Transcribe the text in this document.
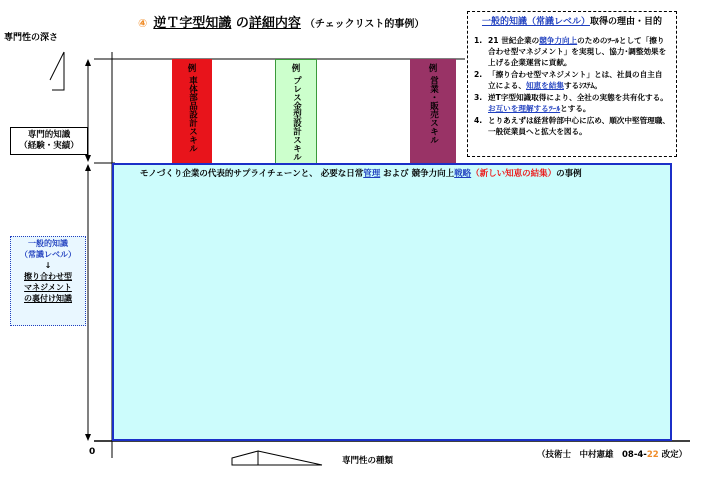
④ 逆Ｔ字型知識 の詳細内容 （チェックリスト的事例）
専門性の深さ
例
車体部品設計スキル
例
プレス金型設計スキル
例
営業・販売スキル
専門的知識
（経験・実績）
一般的知識
（常識レベル）
↓
擦り合わせ型
マネジメント
の裏付け知識
モノづくり企業の代表的サプライチェーンと、 必要な日常管理 および 競争力向上戦略（新しい知恵の結集）の事例
一般的知識（常識レベル）取得の理由・目的
1. 21 世紀企業の競争力向上のためのﾂｰﾙとして「擦り合わせ型マネジメント」を実現し、協力･調整効果を上げる企業運営に貢献。
2. 「擦り合わせ型マネジメント」とは、社員の自主自立による、知恵を結集するｼｽﾃﾑ。
3. 逆T字型知識取得により、全社の実態を共有化する。お互いを理解するﾂｰﾙとする。
4. とりあえずは経営幹部中心に広め、順次中堅管理職、一般従業員へと拡大を図る。
0
専門性の種類
（技術士　中村憲雄　08-4-22 改定）
